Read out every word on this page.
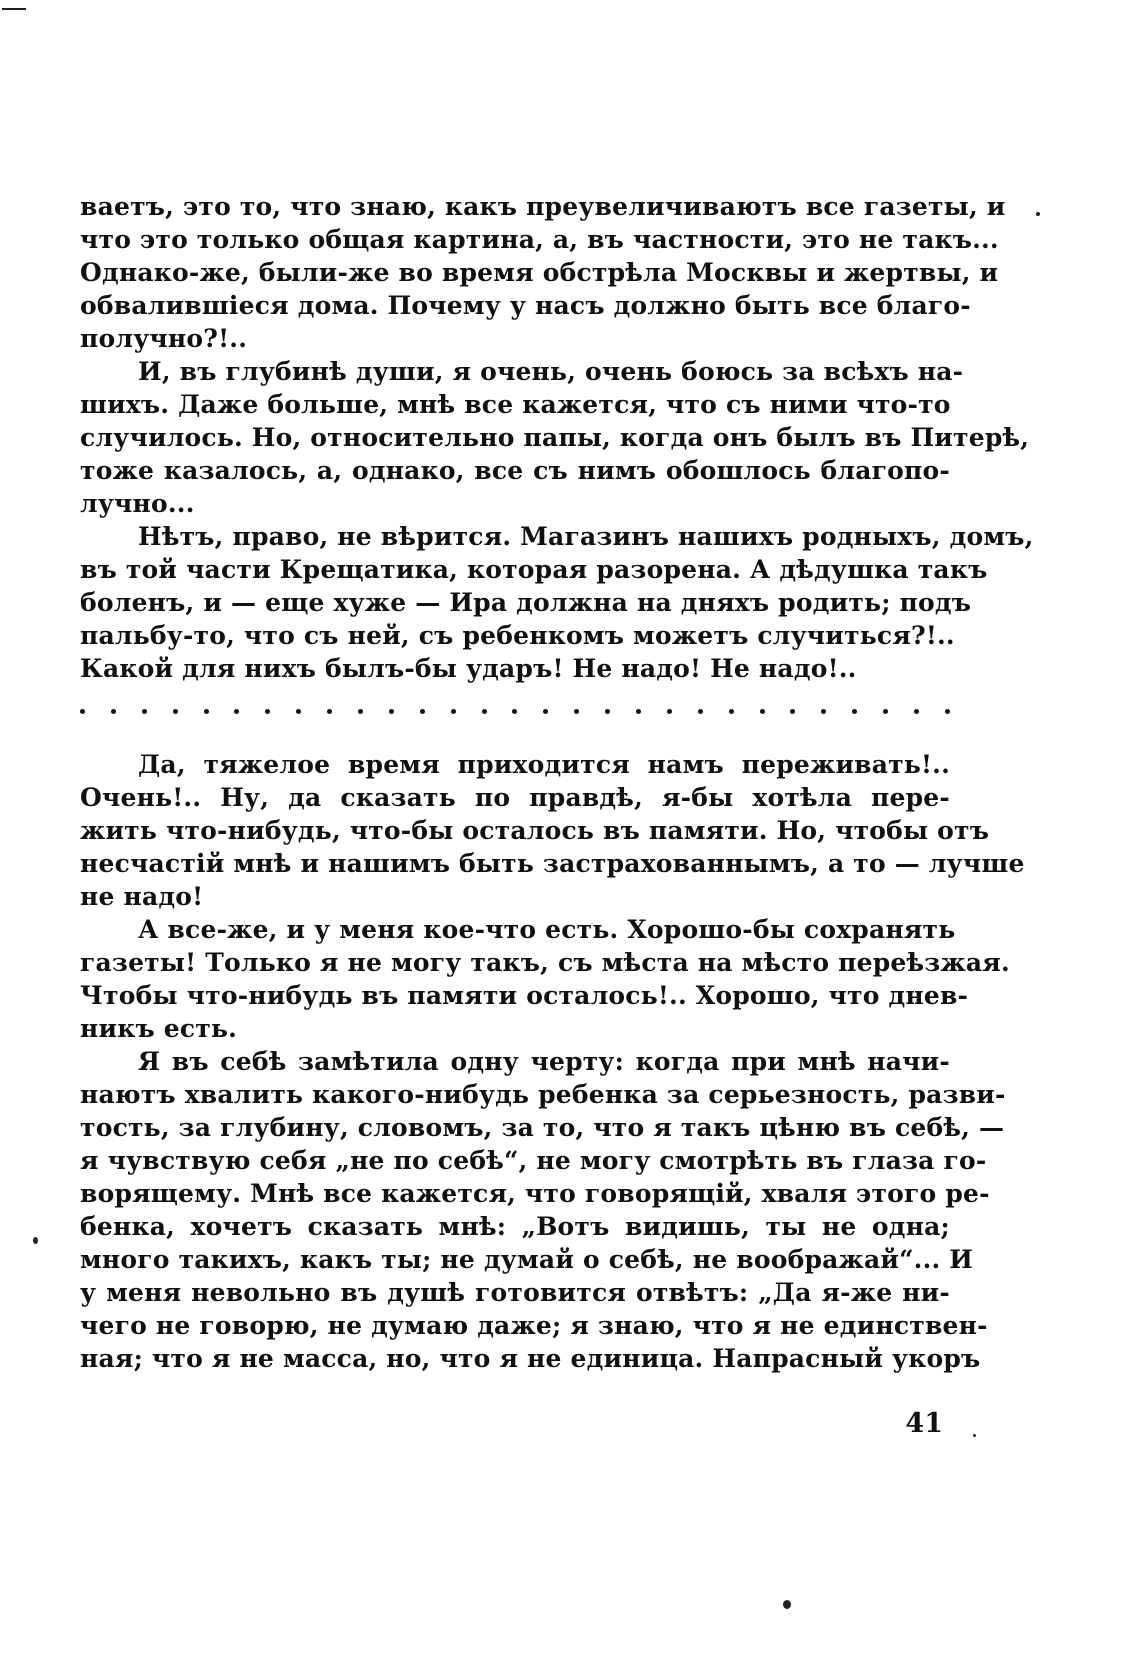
ваетъ, это то, что знаю, какъ преувеличиваютъ все газеты, и
что это только общая картина, а, въ частности, это не такъ...
Однако-же, были-же во время обстрѣла Москвы и жертвы, и
обвалившіеся дома. Почему у насъ должно быть все благо-
получно?!..
И, въ глубинѣ души, я очень, очень боюсь за всѣхъ на-
шихъ. Даже больше, мнѣ все кажется, что съ ними что-то
случилось. Но, относительно папы, когда онъ былъ въ Питерѣ,
тоже казалось, а, однако, все съ нимъ обошлось благопо-
лучно...
Нѣтъ, право, не вѣрится. Магазинъ нашихъ родныхъ, домъ,
въ той части Крещатика, которая разорена. А дѣдушка такъ
боленъ, и — еще хуже — Ира должна на дняхъ родить; подъ
пальбу-то, что съ ней, съ ребенкомъ можетъ случиться?!..
Какой для нихъ былъ-бы ударъ! Не надо! Не надо!..
Да, тяжелое время приходится намъ переживать!..
Очень!.. Ну, да сказать по правдѣ, я-бы хотѣла пере-
жить что-нибудь, что-бы осталось въ памяти. Но, чтобы отъ
несчастій мнѣ и нашимъ быть застрахованнымъ, а то — лучше
не надо!
А все-же, и у меня кое-что есть. Хорошо-бы сохранять
газеты! Только я не могу такъ, съ мѣста на мѣсто переѣзжая.
Чтобы что-нибудь въ памяти осталось!.. Хорошо, что днев-
никъ есть.
Я въ себѣ замѣтила одну черту: когда при мнѣ начи-
наютъ хвалить какого-нибудь ребенка за серьезность, разви-
тость, за глубину, словомъ, за то, что я такъ цѣню въ себѣ, —
я чувствую себя „не по себѣ“, не могу смотрѣть въ глаза го-
ворящему. Мнѣ все кажется, что говорящій, хваля этого ре-
бенка, хочетъ сказать мнѣ: „Вотъ видишь, ты не одна;
много такихъ, какъ ты; не думай о себѣ, не воображай“... И
у меня невольно въ душѣ готовится отвѣтъ: „Да я-же ни-
чего не говорю, не думаю даже; я знаю, что я не единствен-
ная; что я не масса, но, что я не единица. Напрасный укоръ
41
